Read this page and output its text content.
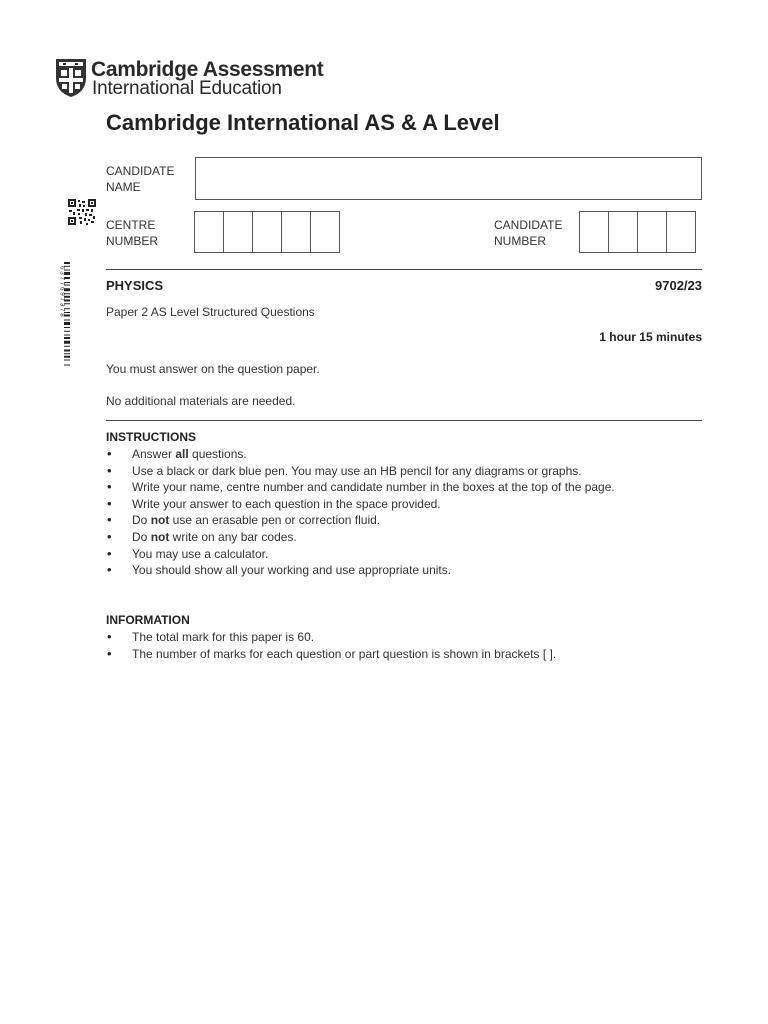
Cambridge Assessment
International Education
Cambridge International AS & A Level
CANDIDATE
NAME
CENTRE
NUMBER
CANDIDATE
NUMBER
6 3 7 7 6 9 7 3 7 8	PHYSICS	9702/23
Paper 2 AS Level Structured Questions
1 hour 15 minutes
You must answer on the question paper.
No additional materials are needed.
INSTRUCTIONS
• Answer all questions.
• Use a black or dark blue pen. You may use an HB pencil for any diagrams or graphs.
• Write your name, centre number and candidate number in the boxes at the top of the page.
• Write your answer to each question in the space provided.
• Do not use an erasable pen or correction fluid.
• Do not write on any bar codes.
• You may use a calculator.
• You should show all your working and use appropriate units.
INFORMATION
• The total mark for this paper is 60.
• The number of marks for each question or part question is shown in brackets [ ].
